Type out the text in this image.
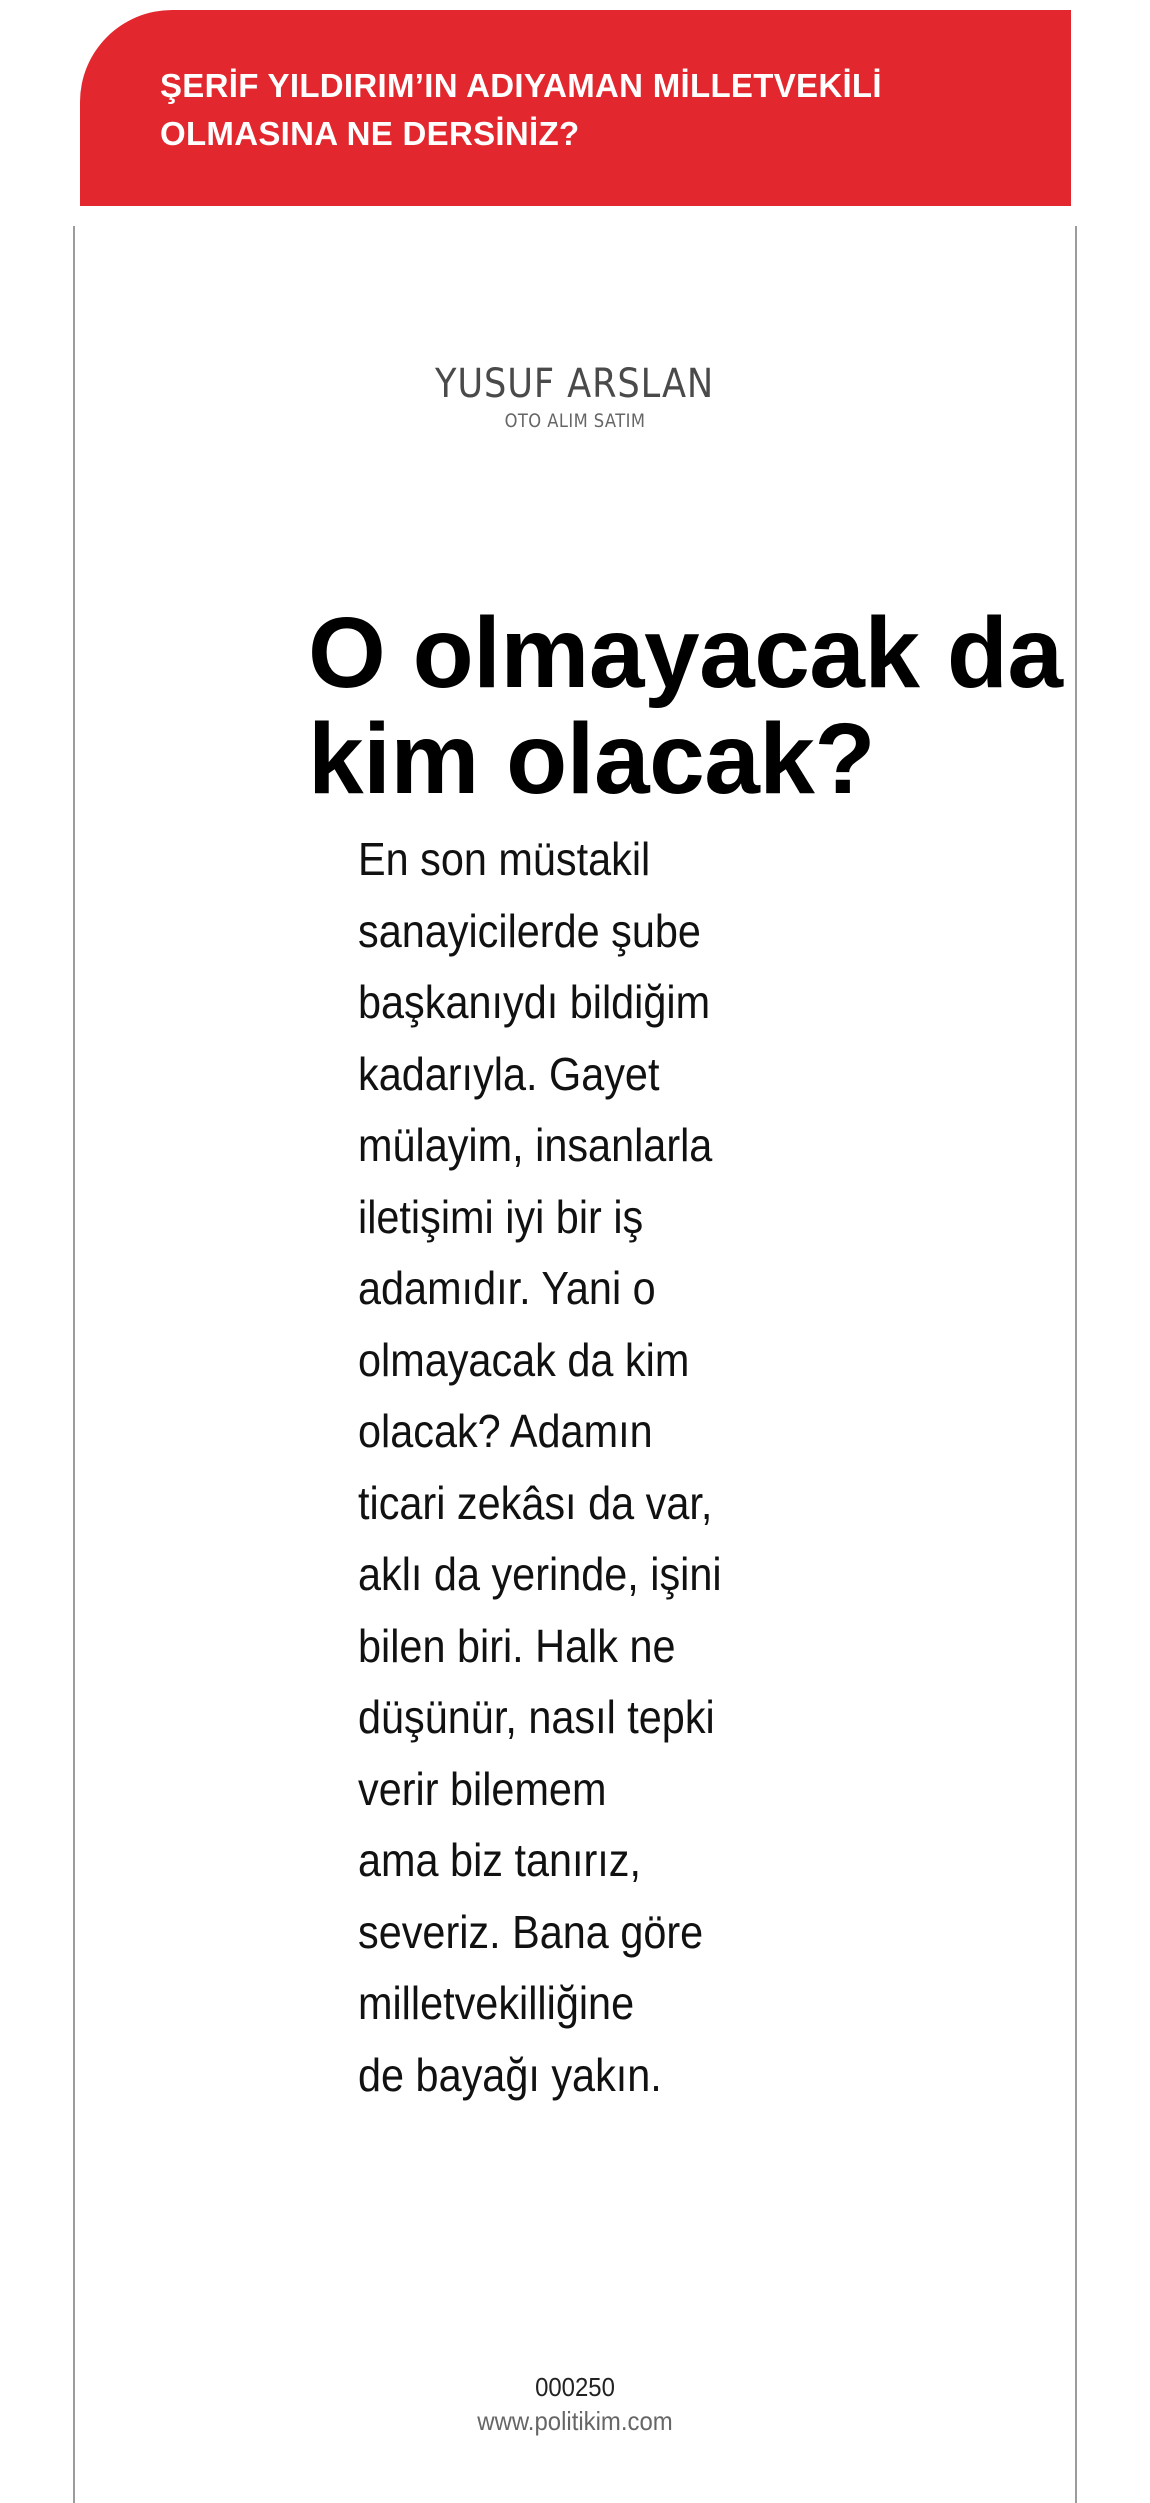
ŞERİF YILDIRIM’IN ADIYAMAN MİLLETVEKİLİ
OLMASINA NE DERSİNİZ?

YUSUF ARSLAN
OTO ALIM SATIM
O olmayacak da
kim olacak?
En son müstakil
sanayicilerde şube
başkanıydı bildiğim
kadarıyla. Gayet
mülayim, insanlarla
iletişimi iyi bir iş
adamıdır. Yani o
olmayacak da kim
olacak? Adamın
ticari zekâsı da var,
aklı da yerinde, işini
bilen biri. Halk ne
düşünür, nasıl tepki
verir bilemem
ama biz tanırız,
severiz. Bana göre
milletvekilliğine
de bayağı yakın.
000250
www.politikim.com
